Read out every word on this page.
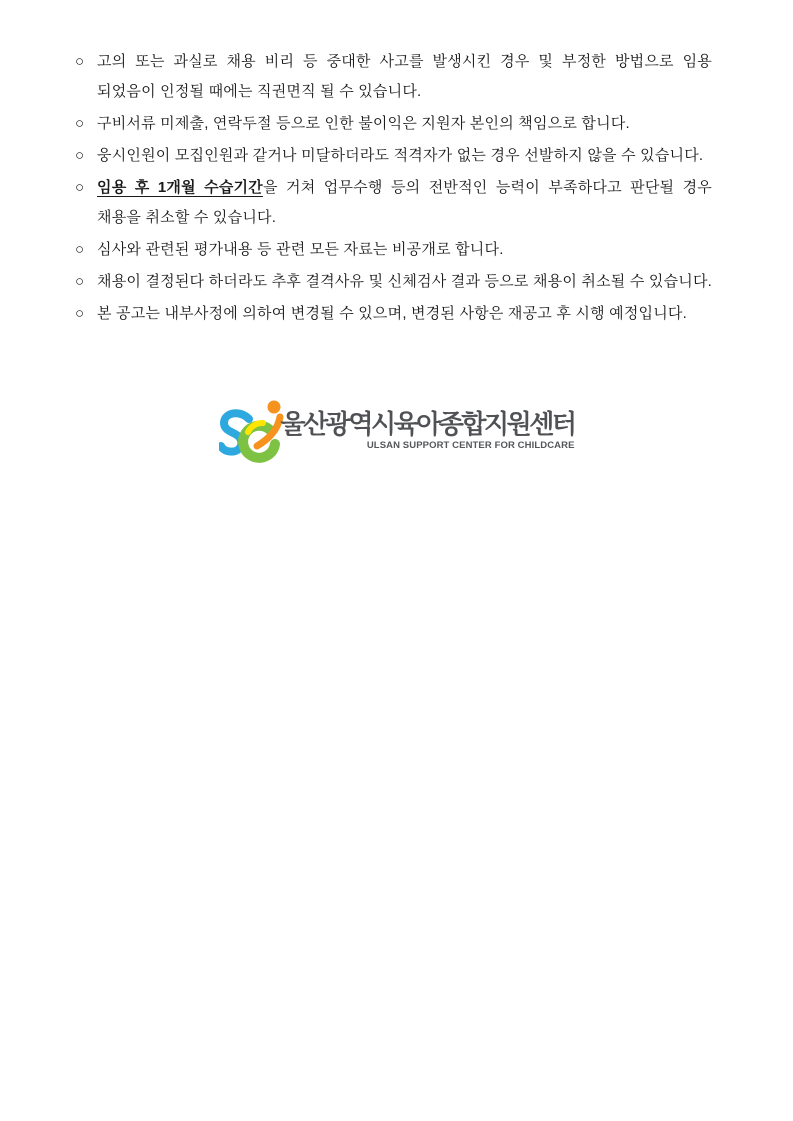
○ 고의 또는 과실로 채용 비리 등 중대한 사고를 발생시킨 경우 및 부정한 방법으로 임용
되었음이 인정될 때에는 직권면직 될 수 있습니다.
○ 구비서류 미제출, 연락두절 등으로 인한 불이익은 지원자 본인의 책임으로 합니다.
○ 웅시인원이 모집인원과 같거나 미달하더라도 적격자가 없는 경우 선발하지 않을 수 있습니다.
○ 임용 후 1개월 수습기간을 거쳐 업무수행 등의 전반적인 능력이 부족하다고 판단될 경우
채용을 취소할 수 있습니다.
○ 심사와 관련된 평가내용 등 관련 모든 자료는 비공개로 합니다.
○ 채용이 결정된다 하더라도 추후 결격사유 및 신체검사 결과 등으로 채용이 취소될 수 있습니다.
○ 본 공고는 내부사정에 의하여 변경될 수 있으며, 변경된 사항은 재공고 후 시행 예정입니다.
울산광역시육아종합지원센터
ULSAN SUPPORT CENTER FOR CHILDCARE
